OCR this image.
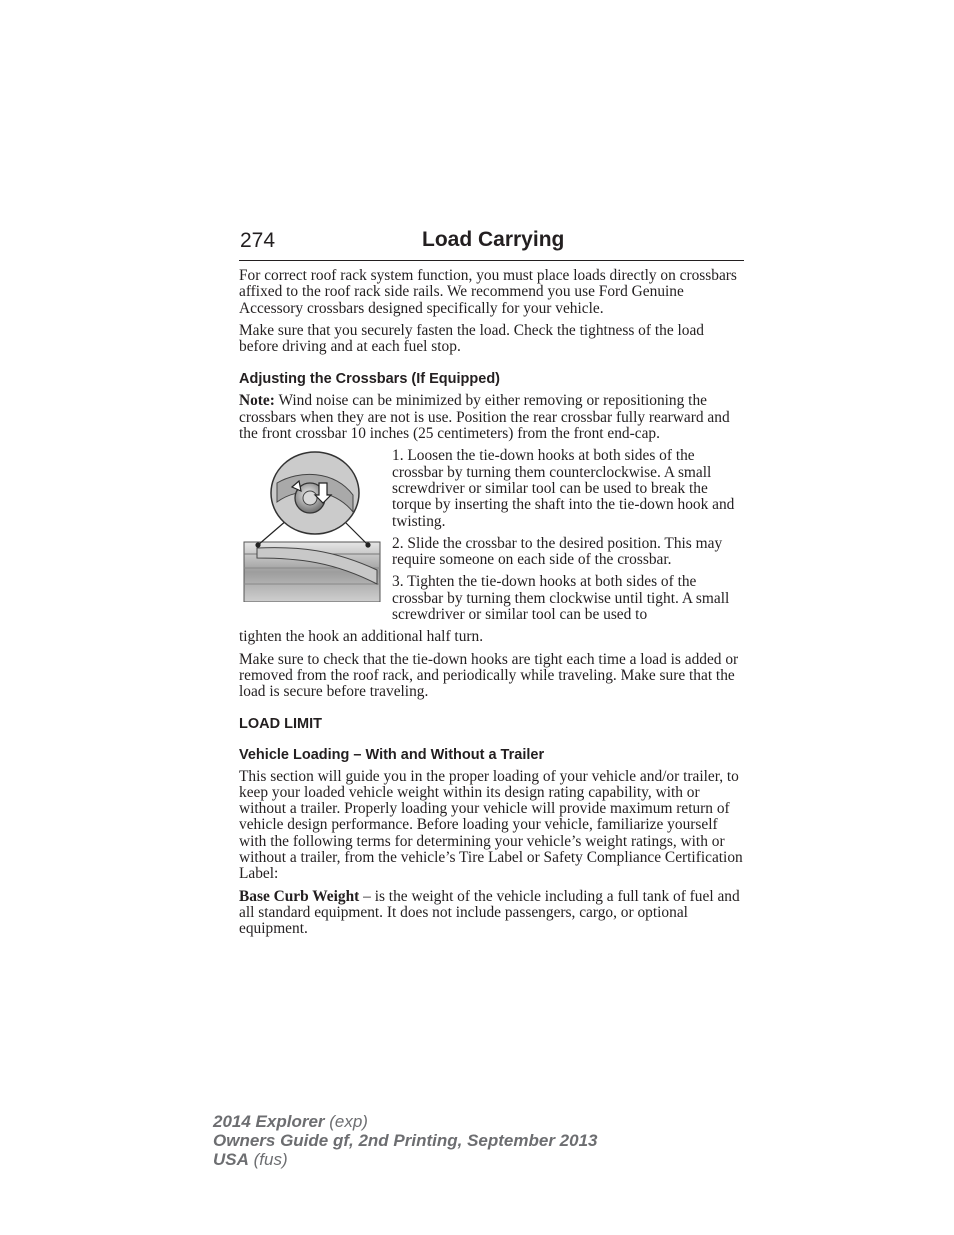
274	Load Carrying

For correct roof rack system function, you must place loads directly on crossbars affixed to the roof rack side rails. We recommend you use Ford Genuine Accessory crossbars designed specifically for your vehicle.

Make sure that you securely fasten the load. Check the tightness of the load before driving and at each fuel stop.

Adjusting the Crossbars (If Equipped)

Note: Wind noise can be minimized by either removing or repositioning the crossbars when they are not is use. Position the rear crossbar fully rearward and the front crossbar 10 inches (25 centimeters) from the front end-cap.

1. Loosen the tie-down hooks at both sides of the crossbar by turning them counterclockwise. A small screwdriver or similar tool can be used to break the torque by inserting the shaft into the tie-down hook and twisting.

2. Slide the crossbar to the desired position. This may require someone on each side of the crossbar.

3. Tighten the tie-down hooks at both sides of the crossbar by turning them clockwise until tight. A small screwdriver or similar tool can be used to

tighten the hook an additional half turn.

Make sure to check that the tie-down hooks are tight each time a load is added or removed from the roof rack, and periodically while traveling. Make sure that the load is secure before traveling.

LOAD LIMIT
Vehicle Loading – With and Without a Trailer

This section will guide you in the proper loading of your vehicle and/or trailer, to keep your loaded vehicle weight within its design rating capability, with or without a trailer. Properly loading your vehicle will provide maximum return of vehicle design performance. Before loading your vehicle, familiarize yourself with the following terms for determining your vehicle’s weight ratings, with or without a trailer, from the vehicle’s Tire Label or Safety Compliance Certification Label:

Base Curb Weight – is the weight of the vehicle including a full tank of fuel and all standard equipment. It does not include passengers, cargo, or optional equipment.

2014 Explorer (exp)
Owners Guide gf, 2nd Printing, September 2013
USA (fus)
